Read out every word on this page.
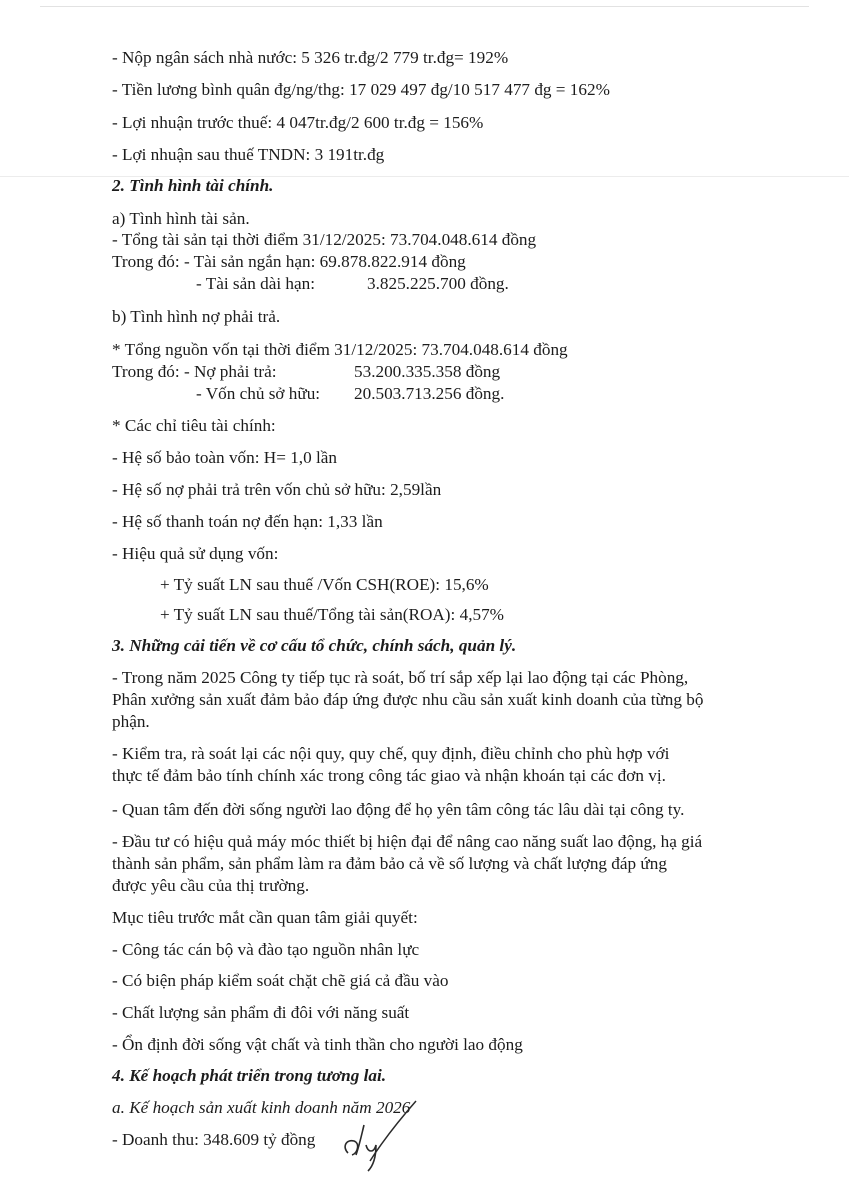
- Nộp ngân sách nhà nước: 5 326 tr.đg/2 779 tr.đg= 192%
- Tiền lương bình quân đg/ng/thg: 17 029 497 đg/10 517 477 đg = 162%
- Lợi nhuận trước thuế: 4 047tr.đg/2 600 tr.đg = 156%
- Lợi nhuận sau thuế TNDN: 3 191tr.đg
2. Tình hình tài chính.
a) Tình hình tài sản.
- Tổng tài sản tại thời điểm 31/12/2025: 73.704.048.614 đồng
Trong đó: - Tài sản ngắn hạn: 69.878.822.914 đồng
- Tài sản dài hạn:	3.825.225.700 đồng.
b) Tình hình nợ phải trả.
* Tổng nguồn vốn tại thời điểm 31/12/2025: 73.704.048.614 đồng
Trong đó: - Nợ phải trả:	53.200.335.358 đồng
- Vốn chủ sở hữu: 20.503.713.256 đồng.
* Các chỉ tiêu tài chính:
- Hệ số bảo toàn vốn: H= 1,0 lần
- Hệ số nợ phải trả trên vốn chủ sở hữu: 2,59lần
- Hệ số thanh toán nợ đến hạn: 1,33 lần
- Hiệu quả sử dụng vốn:
+ Tỷ suất LN sau thuế /Vốn CSH(ROE): 15,6%
+ Tỷ suất LN sau thuế/Tổng tài sản(ROA): 4,57%
3. Những cải tiến về cơ cấu tổ chức, chính sách, quản lý.
- Trong năm 2025 Công ty tiếp tục rà soát, bố trí sắp xếp lại lao động tại các Phòng,
Phân xưởng sản xuất đảm bảo đáp ứng được nhu cầu sản xuất kinh doanh của từng bộ
phận.
- Kiểm tra, rà soát lại các nội quy, quy chế, quy định, điều chỉnh cho phù hợp với
thực tế đảm bảo tính chính xác trong công tác giao và nhận khoán tại các đơn vị.
- Quan tâm đến đời sống người lao động để họ yên tâm công tác lâu dài tại công ty.
- Đầu tư có hiệu quả máy móc thiết bị hiện đại để nâng cao năng suất lao động, hạ giá
thành sản phẩm, sản phẩm làm ra đảm bảo cả về số lượng và chất lượng đáp ứng
được yêu cầu của thị trường.
Mục tiêu trước mắt cần quan tâm giải quyết:
- Công tác cán bộ và đào tạo nguồn nhân lực
- Có biện pháp kiểm soát chặt chẽ giá cả đầu vào
- Chất lượng sản phẩm đi đôi với năng suất
- Ổn định đời sống vật chất và tinh thần cho người lao động
4. Kế hoạch phát triển trong tương lai.
a. Kế hoạch sản xuất kinh doanh năm 2026
- Doanh thu: 348.609 tỷ đồng
